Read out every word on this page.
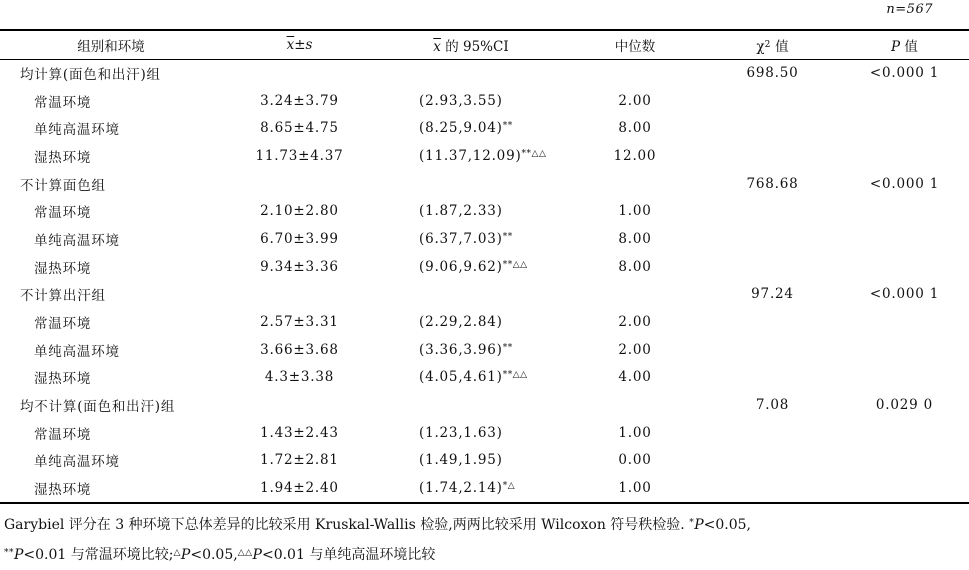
n=567
组别和环境	$\overline{x}\pm s$	$\overline{x}$ 的 95%CI	中位数	$\chi^2$ 值	P 值
均计算(面色和出汗)组				698.50	<0.000 1
常温环境	3.24±3.79	(2.93,3.55)	2.00		
单纯高温环境	8.65±4.75	(8.25,9.04)**	8.00		
湿热环境	11.73±4.37	(11.37,12.09)**△△	12.00		
不计算面色组				768.68	<0.000 1
常温环境	2.10±2.80	(1.87,2.33)	1.00		
单纯高温环境	6.70±3.99	(6.37,7.03)**	8.00		
湿热环境	9.34±3.36	(9.06,9.62)**△△	8.00		
不计算出汗组				97.24	<0.000 1
常温环境	2.57±3.31	(2.29,2.84)	2.00		
单纯高温环境	3.66±3.68	(3.36,3.96)**	2.00		
湿热环境	4.3±3.38	(4.05,4.61)**△△	4.00		
均不计算(面色和出汗)组				7.08	0.029 0
常温环境	1.43±2.43	(1.23,1.63)	1.00		
单纯高温环境	1.72±2.81	(1.49,1.95)	0.00		
湿热环境	1.94±2.40	(1.74,2.14)*△	1.00		
Garybiel 评分在 3 种环境下总体差异的比较采用 Kruskal-Wallis 检验,两两比较采用 Wilcoxon 符号秩检验. *P<0.05,
**P<0.01 与常温环境比较;△P<0.05,△△P<0.01 与单纯高温环境比较
